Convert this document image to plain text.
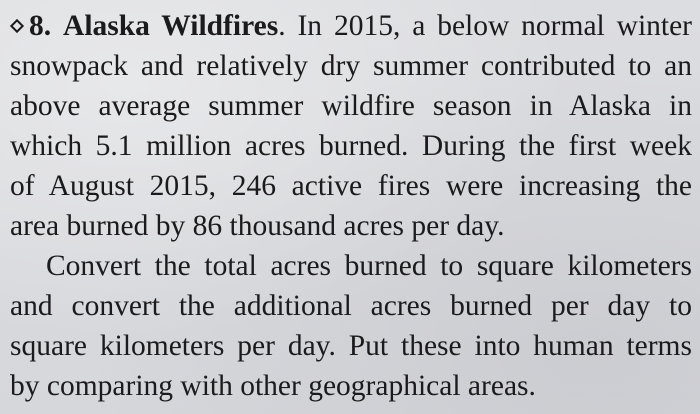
8. Alaska Wildfires. In 2015, a below normal winter
snowpack and relatively dry summer contributed to an
above average summer wildfire season in Alaska in
which 5.1 million acres burned. During the first week
of August 2015, 246 active fires were increasing the
area burned by 86 thousand acres per day.
Convert the total acres burned to square kilometers
and convert the additional acres burned per day to
square kilometers per day. Put these into human terms
by comparing with other geographical areas.
